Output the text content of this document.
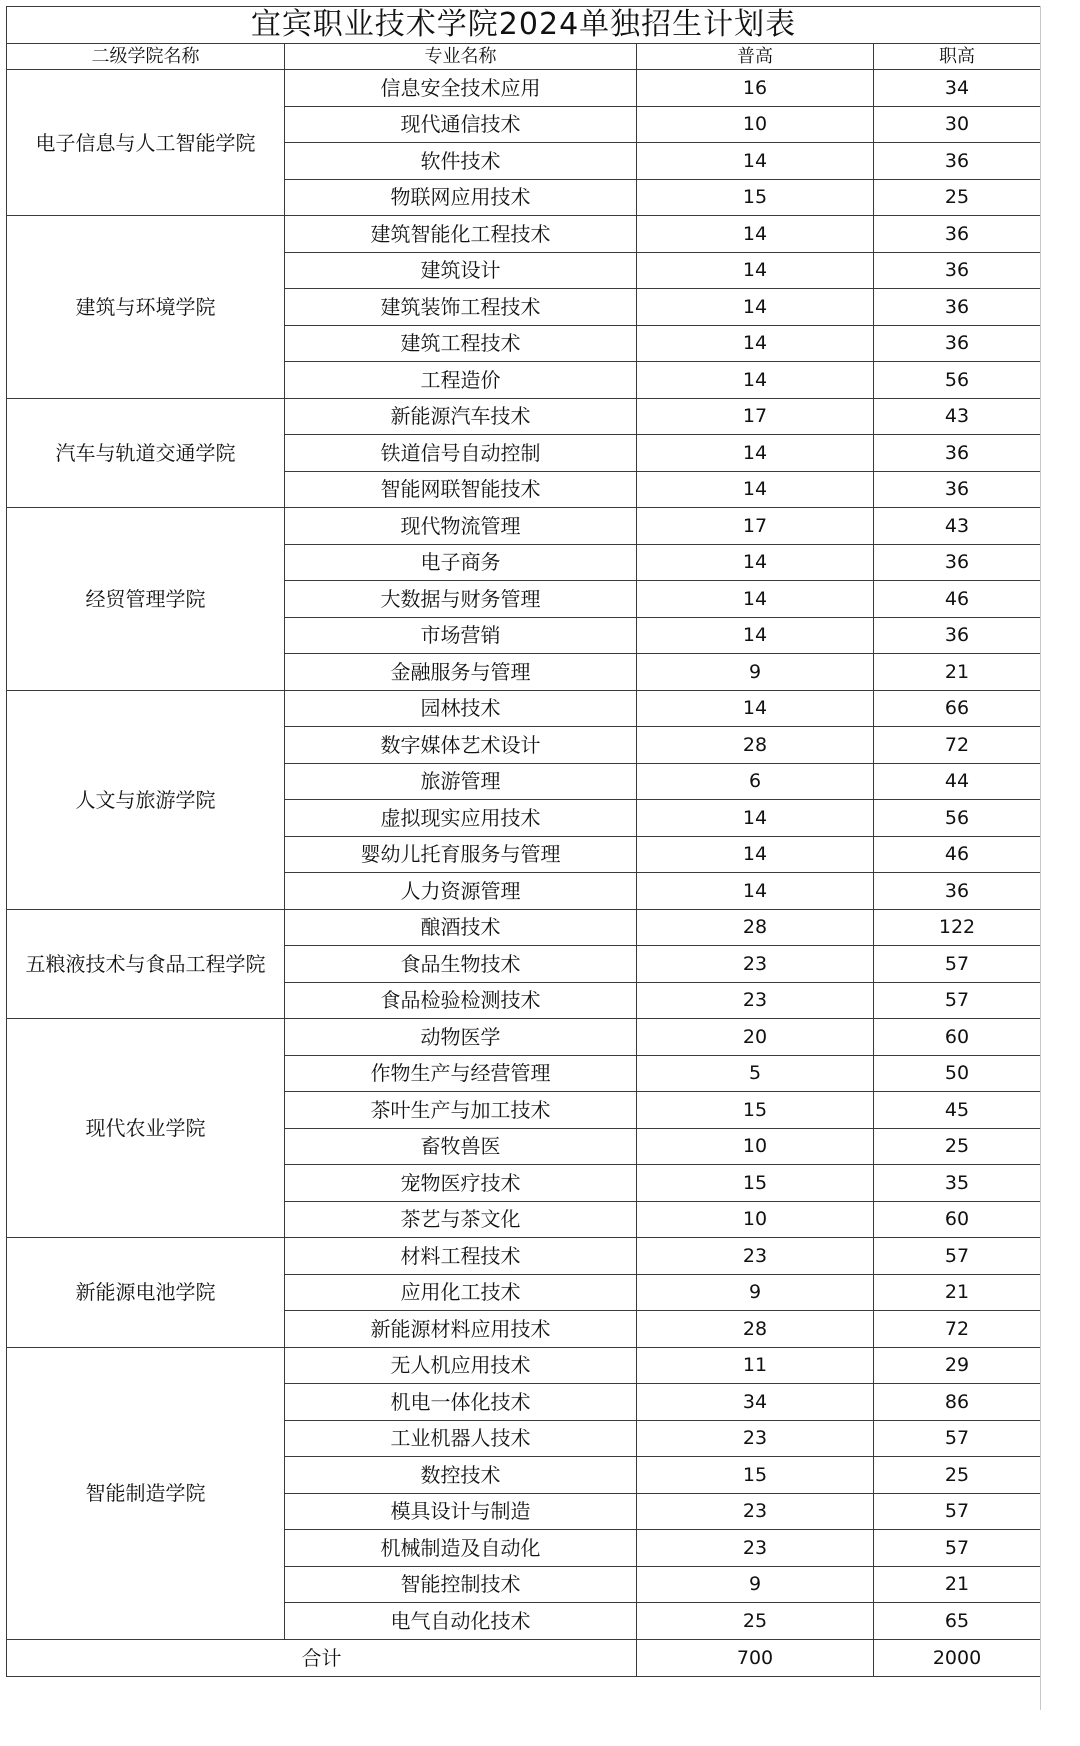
宜宾职业技术学院2024单独招生计划表			
二级学院名称	专业名称	普高	职高
电子信息与人工智能学院	信息安全技术应用	16	34
	现代通信技术	10	30
	软件技术	14	36
	物联网应用技术	15	25
建筑与环境学院	建筑智能化工程技术	14	36
	建筑设计	14	36
	建筑装饰工程技术	14	36
	建筑工程技术	14	36
	工程造价	14	56
汽车与轨道交通学院	新能源汽车技术	17	43
	铁道信号自动控制	14	36
	智能网联智能技术	14	36
经贸管理学院	现代物流管理	17	43
	电子商务	14	36
	大数据与财务管理	14	46
	市场营销	14	36
	金融服务与管理	9	21
人文与旅游学院	园林技术	14	66
	数字媒体艺术设计	28	72
	旅游管理	6	44
	虚拟现实应用技术	14	56
	婴幼儿托育服务与管理	14	46
	人力资源管理	14	36
五粮液技术与食品工程学院	酿酒技术	28	122
	食品生物技术	23	57
	食品检验检测技术	23	57
现代农业学院	动物医学	20	60
	作物生产与经营管理	5	50
	茶叶生产与加工技术	15	45
	畜牧兽医	10	25
	宠物医疗技术	15	35
	茶艺与茶文化	10	60
新能源电池学院	材料工程技术	23	57
	应用化工技术	9	21
	新能源材料应用技术	28	72
智能制造学院	无人机应用技术	11	29
	机电一体化技术	34	86
	工业机器人技术	23	57
	数控技术	15	25
	模具设计与制造	23	57
	机械制造及自动化	23	57
	智能控制技术	9	21
	电气自动化技术	25	65
合计		700	2000
